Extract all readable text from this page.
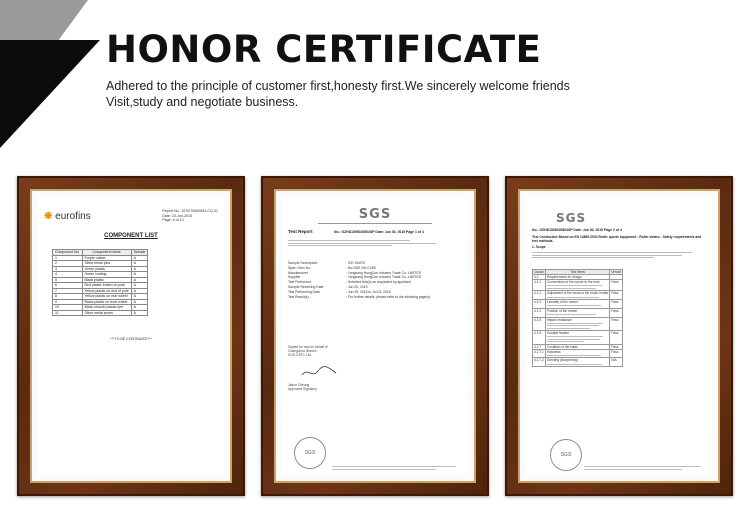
HONOR CERTIFICATE
Adhered to the principle of customer first,honesty first.We sincerely welcome friends Visit,study and negotiate business.
❋ eurofins	Report No.: 57H275080552-CQ-01
Date: 23-Jun-2015
Page: 4 of 13
COMPONENT LIST
Component No.	Component Name	Sample
1	Purple rubber	A
2	Silver metal pins	A
3	Green plastic	A
4	Green coating	A
5	Black plastic	A
6	Red plastic button on pole	A
7	Yellow plastic on end of pole	A
8	Yellow plastic on rear wheel	A
9	Brass plastic on front wheel	A
10	Black smooth plastic tyre	A
11	Silver metal screw	A
***TO BE CONTINUED***
SGS
Test Report	No.: GZHD1506020804SP Date: Jun 30, 2015 Page 1 of 4
Sample Description	: ICE SKATE
Style / Item No.	: No.HDS-SK-CX85
Manufacturer	: Yongkang HongCue Industry Trade Co.,LIMITED
Supplier	: Yongkang HongCue Industry Trade Co.,LIMITED
Test Performed	: Selected test(s) as requested by applicant
Sample Receiving Date	: Jun 25, 2015
Test Performing Date	: Jun 25, 2015 to Jul 03, 2015
Test Result(s)	: For further details, please refer to the following page(s)
Signed for and on behalf of
Guangzhou Branch
SGS-CSTC Ltd.
Jason Cheung
Approved Signatory
SGS
SGS
No.: GZHD1506020804SP Date: Jun 30, 2015 Page 2 of 4
Test Conducted: Based on EN 13899:2003 Roller sports equipment - Roller skates - Safety requirements and test methods.
1. Scope
Clause	Test Items	Verdict
4.2	Requirements for design	
4.2.1	Connections of the runner to the boot	Pass
4.2.2	Adjustment of the boots to the boots' holder	Pass
4.2.3	Linearity of the runner	Pass
4.2.4	Position of the runner	Pass
4.2.5	Impact resistance	Pass
4.2.6	Durable fixation	Pass
4.2.7	Condition of the blade	Pass
4.2.7.1	Hardness	Pass
4.2.7.2	Grinding (sharpening)	N/A
SGS
